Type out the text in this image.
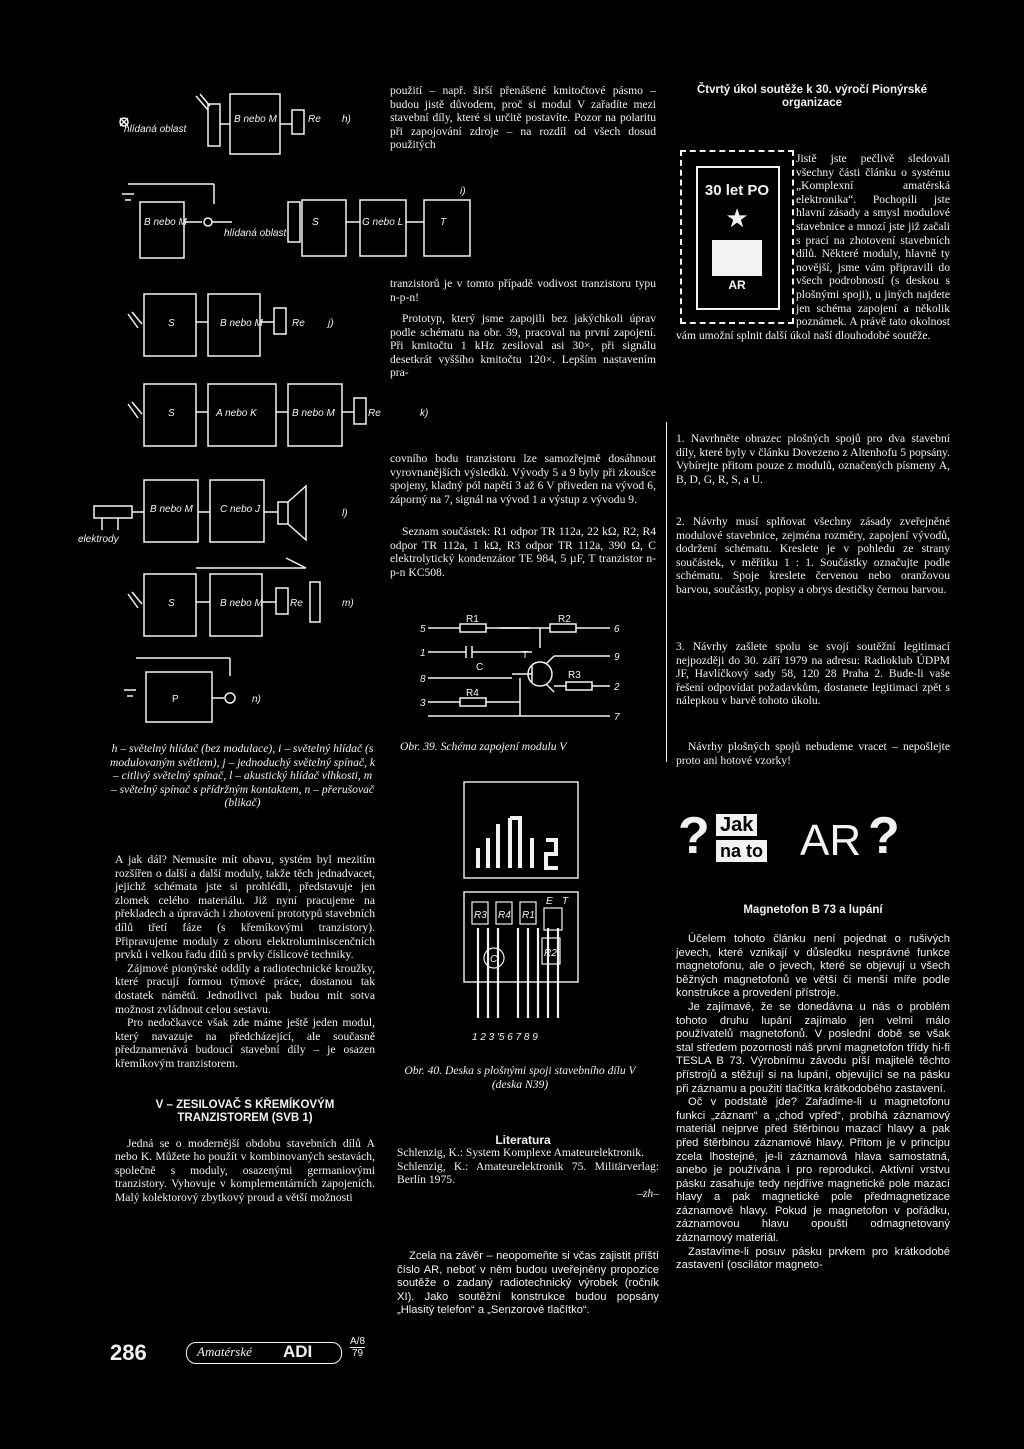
hlídaná oblast
B nebo M	Re h)
B nebo M
hlídaná oblast
S	G nebo L	T
i)
S	B nebo M	Re j)
S	A nebo K	B nebo M	Re	k)
elektrody
B nebo M	C nebo J	l)
S	B nebo M	Re	m)
P	n)
h – světelný hlídač (bez modulace), i – světelný hlídač (s modulovaným světlem), j – jednoduchý světelný spínač, k – citlivý světelný spínač, l – akustický hlídač vlhkosti, m – světelný spínač s přídržným kontaktem, n – přerušovač (blikač)

A jak dál? Nemusíte mít obavu, systém byl mezitím rozšířen o další a další moduly, takže těch jednadvacet, jejichž schémata jste si prohlédli, představuje jen zlomek celého materiálu. Již nyní pracujeme na překladech a úpravách i zhotovení prototypů stavebních dílů třetí fáze (s křemíkovými tranzistory). Připravujeme moduly z oboru elektroluminiscenčních prvků i velkou řadu dílů s prvky číslicové techniky.

Zájmové pionýrské oddíly a radiotechnické kroužky, které pracují formou týmové práce, dostanou tak dostatek námětů. Jednotlivci pak budou mít sotva možnost zvládnout celou sestavu.

Pro nedočkavce však zde máme ještě jeden modul, který navazuje na předcházející, ale současně předznamenává budoucí stavební díly – je osazen křemíkovým tranzistorem.

V – ZESILOVAČ S KŘEMÍKOVÝM TRANZISTOREM (SVB 1)

Jedná se o modernější obdobu stavebních dílů A nebo K. Můžete ho použít v kombinovaných sestavách, společně s moduly, osazenými germaniovými tranzistory. Vyhovuje v komplementárních zapojeních. Malý kolektorový zbytkový proud a větší možnosti

286	Amatérské ADI
A/8
79
použití – např. širší přenášené kmitočtové pásmo – budou jistě důvodem, proč si modul V zařadíte mezi stavební díly, které si určitě postavíte. Pozor na polaritu při zapojování zdroje – na rozdíl od všech dosud použitých
tranzistorů je v tomto případě vodivost tranzistoru typu n-p-n!
Prototyp, který jsme zapojili bez jakýchkoli úprav podle schématu na obr. 39, pracoval na první zapojení. Při kmitočtu 1 kHz zesiloval asi 30×, při signálu desetkrát vyššího kmitočtu 120×. Lepším nastavením pra-
covního bodu tranzistoru lze samozřejmě dosáhnout vyrovnanějších výsledků. Vývody 5 a 9 byly při zkoušce spojeny, kladný pól napětí 3 až 6 V přiveden na vývod 6, záporný na 7, signál na vývod 1 a výstup z vývodu 9.
Seznam součástek: R1 odpor TR 112a, 22 kΩ, R2, R4 odpor TR 112a, 1 kΩ, R3 odpor TR 112a, 390 Ω, C elektrolytický kondenzátor TE 984, 5 µF, T tranzistor n-p-n KC508.
R1	R2
C
T
R3
R4
5	6
1	9
8
2
3
7
Obr. 39. Schéma zapojení modulu V
R3 R4 R1
E T
C
R2
1 2 3 ′5 6 7 8 9
Obr. 40. Deska s plošnými spoji stavebního dílu V (deska N39)
Literatura
Schlenzig, K.: System Komplexe Amateurelektronik.
Schlenzig, K.: Amateurelektronik 75. Militärverlag: Berlín 1975.
–zh–
Zcela na závěr – neopomeňte si včas zajistit příští číslo AR, neboť v něm budou uveřejněny propozice soutěže o zadaný radiotechnický výrobek (ročník XI). Jako soutěžní konstrukce budou popsány „Hlasitý telefon“ a „Senzorové tlačítko“.
Čtvrtý úkol soutěže k 30. výročí Pionýrské organizace
30 let PO
★
AR
Jistě jste pečlivě sledovali všechny části článku o systému „Komplexní amatérská elektronika“. Pochopili jste hlavní zásady a smysl modulové stavebnice a mnozí jste již začali s prací na zhotovení stavebních dílů. Některé moduly, hlavně ty novější, jsme vám připravili do všech podrobností (s deskou s plošnými spoji), u jiných najdete jen schéma zapojení a několik poznámek. A právě tato okolnost vám umožní splnit další úkol naší dlouhodobé soutěže.
1. Navrhněte obrazec plošných spojů pro dva stavební díly, které byly v článku Dovezeno z Altenhofu 5 popsány. Vybírejte přitom pouze z modulů, označených písmeny A, B, D, G, R, S, a U.
2. Návrhy musí splňovat všechny zásady zveřejněné modulové stavebnice, zejména rozměry, zapojení vývodů, dodržení schématu. Kreslete je v pohledu ze strany součástek, v měřítku 1 : 1. Součástky označujte podle schématu. Spoje kreslete červenou nebo oranžovou barvou, součástky, popisy a obrys destičky černou barvou.
3. Návrhy zašlete spolu se svojí soutěžní legitimací nejpozději do 30. září 1979 na adresu: Radioklub ÚDPM JF, Havlíčkový sady 58, 120 28 Praha 2. Bude-li vaše řešení odpovídat požadavkům, dostanete legitimaci zpět s nálepkou v barvě tohoto úkolu.
Návrhy plošných spojů nebudeme vracet – nepošlejte proto ani hotové vzorky!
? Jak
na to AR ?
Magnetofon B 73 a lupání

Účelem tohoto článku není pojednat o rušivých jevech, které vznikají v důsledku nesprávné funkce magnetofonu, ale o jevech, které se objevují u všech běžných magnetofonů ve větší či menší míře podle konstrukce a provedení přístroje.

Je zajímavé, že se donedávna u nás o problém tohoto druhu lupání zajímalo jen velmi málo používatelů magnetofonů. V poslední době se však stal středem pozornosti náš první magnetofon třídy hi-fi TESLA B 73. Výrobnímu závodu píší majitelé těchto přístrojů a stěžují si na lupání, objevující se na pásku při záznamu a použití tlačítka krátkodobého zastavení.

Oč v podstatě jde? Zařadíme-li u magnetofonu funkci „záznam“ a „chod vpřed“, probíhá záznamový materiál nejprve před štěrbinou mazací hlavy a pak před štěrbinou záznamové hlavy. Přitom je v principu zcela lhostejné, je-li záznamová hlava samostatná, anebo je používána i pro reprodukci. Aktivní vrstvu pásku zasahuje tedy nejdříve magnetické pole mazací hlavy a pak magnetické pole předmagnetizace záznamové hlavy. Pokud je magnetofon v pořádku, záznamovou hlavu opouští odmagnetovaný záznamový materiál.

Zastavíme-li posuv pásku prvkem pro krátkodobé zastavení (oscilátor magneto-
